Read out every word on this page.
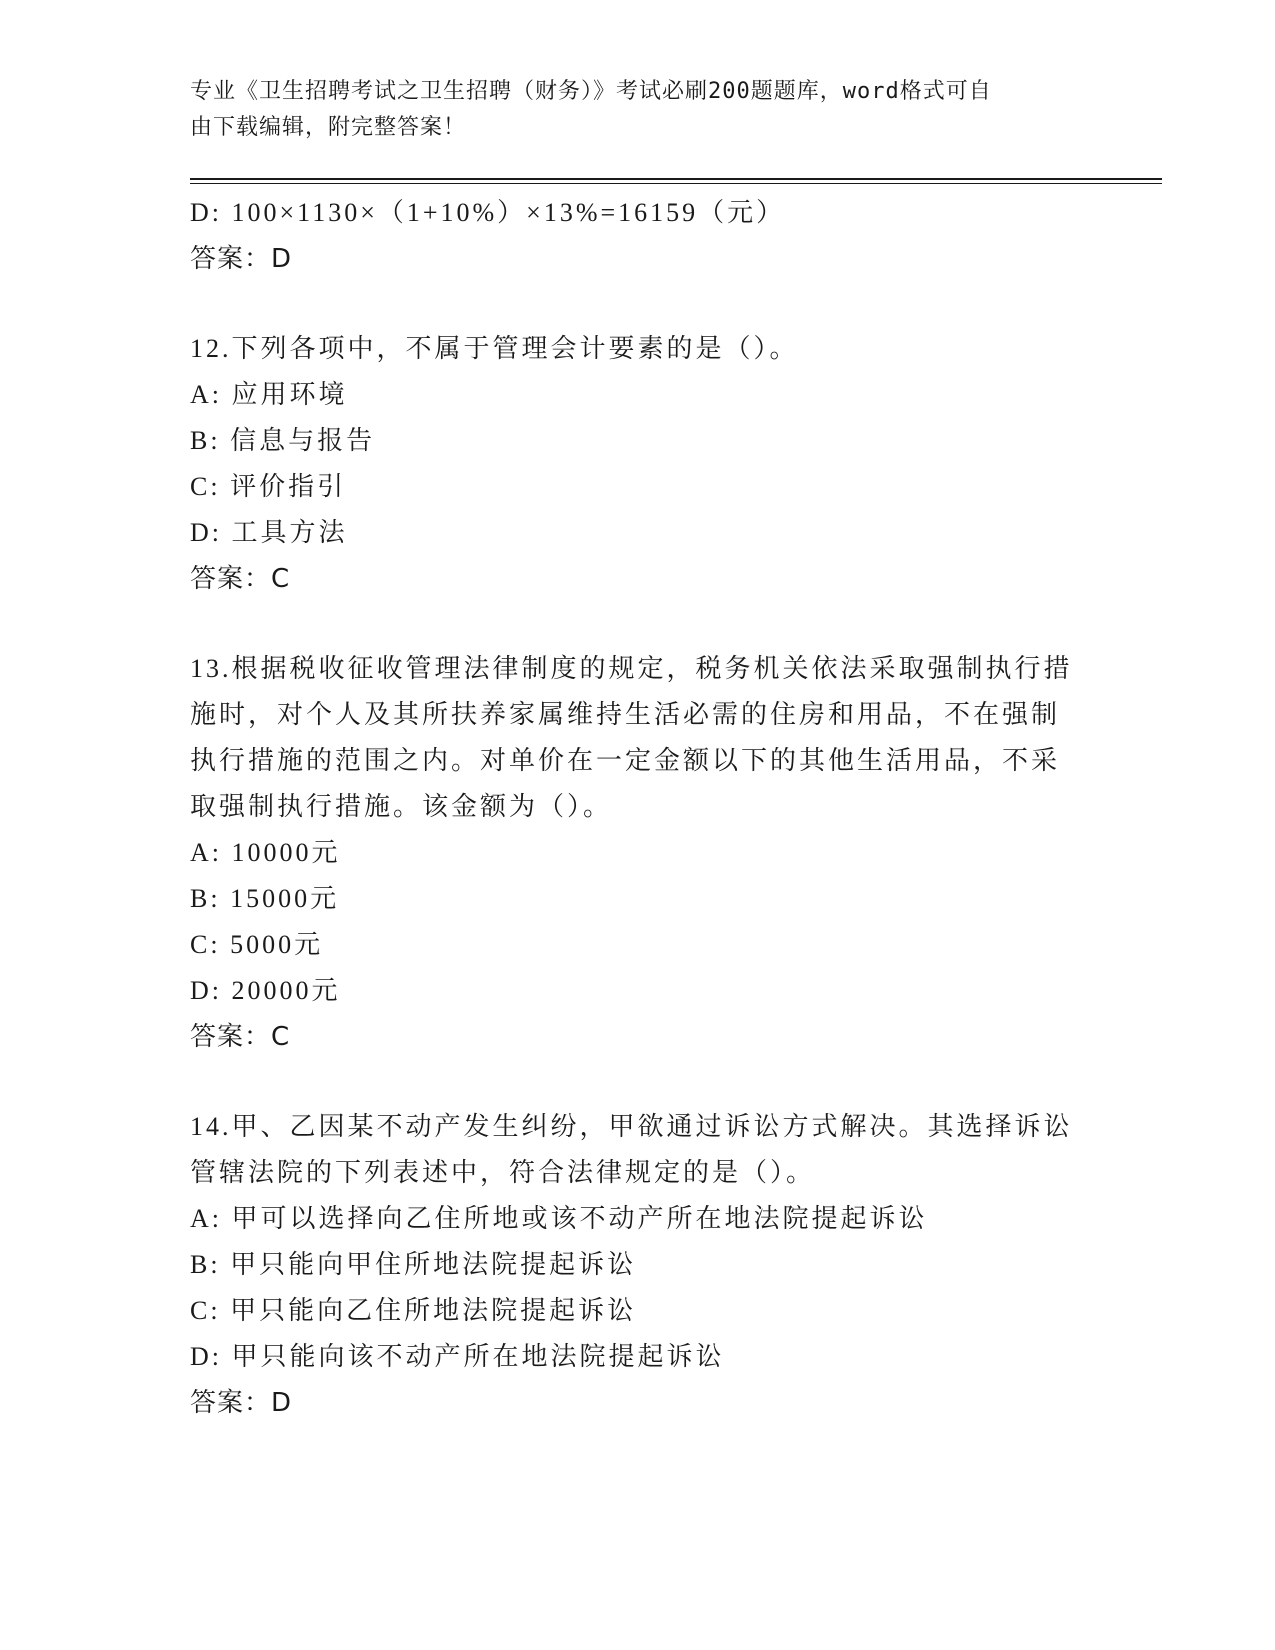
专业《卫生招聘考试之卫生招聘（财务）》考试必刷200题题库，word格式可自
由下载编辑，附完整答案！
D: 100×1130×（1+10%）×13%=16159（元）
答案：D
12.下列各项中，不属于管理会计要素的是（）。
A: 应用环境
B: 信息与报告
C: 评价指引
D: 工具方法
答案：C
13.根据税收征收管理法律制度的规定，税务机关依法采取强制执行措施时，对个人及其所扶养家属维持生活必需的住房和用品，不在强制执行措施的范围之内。对单价在一定金额以下的其他生活用品，不采取强制执行措施。该金额为（）。
A: 10000元
B: 15000元
C: 5000元
D: 20000元
答案：C
14.甲、乙因某不动产发生纠纷，甲欲通过诉讼方式解决。其选择诉讼管辖法院的下列表述中，符合法律规定的是（）。
A: 甲可以选择向乙住所地或该不动产所在地法院提起诉讼
B: 甲只能向甲住所地法院提起诉讼
C: 甲只能向乙住所地法院提起诉讼
D: 甲只能向该不动产所在地法院提起诉讼
答案：D
